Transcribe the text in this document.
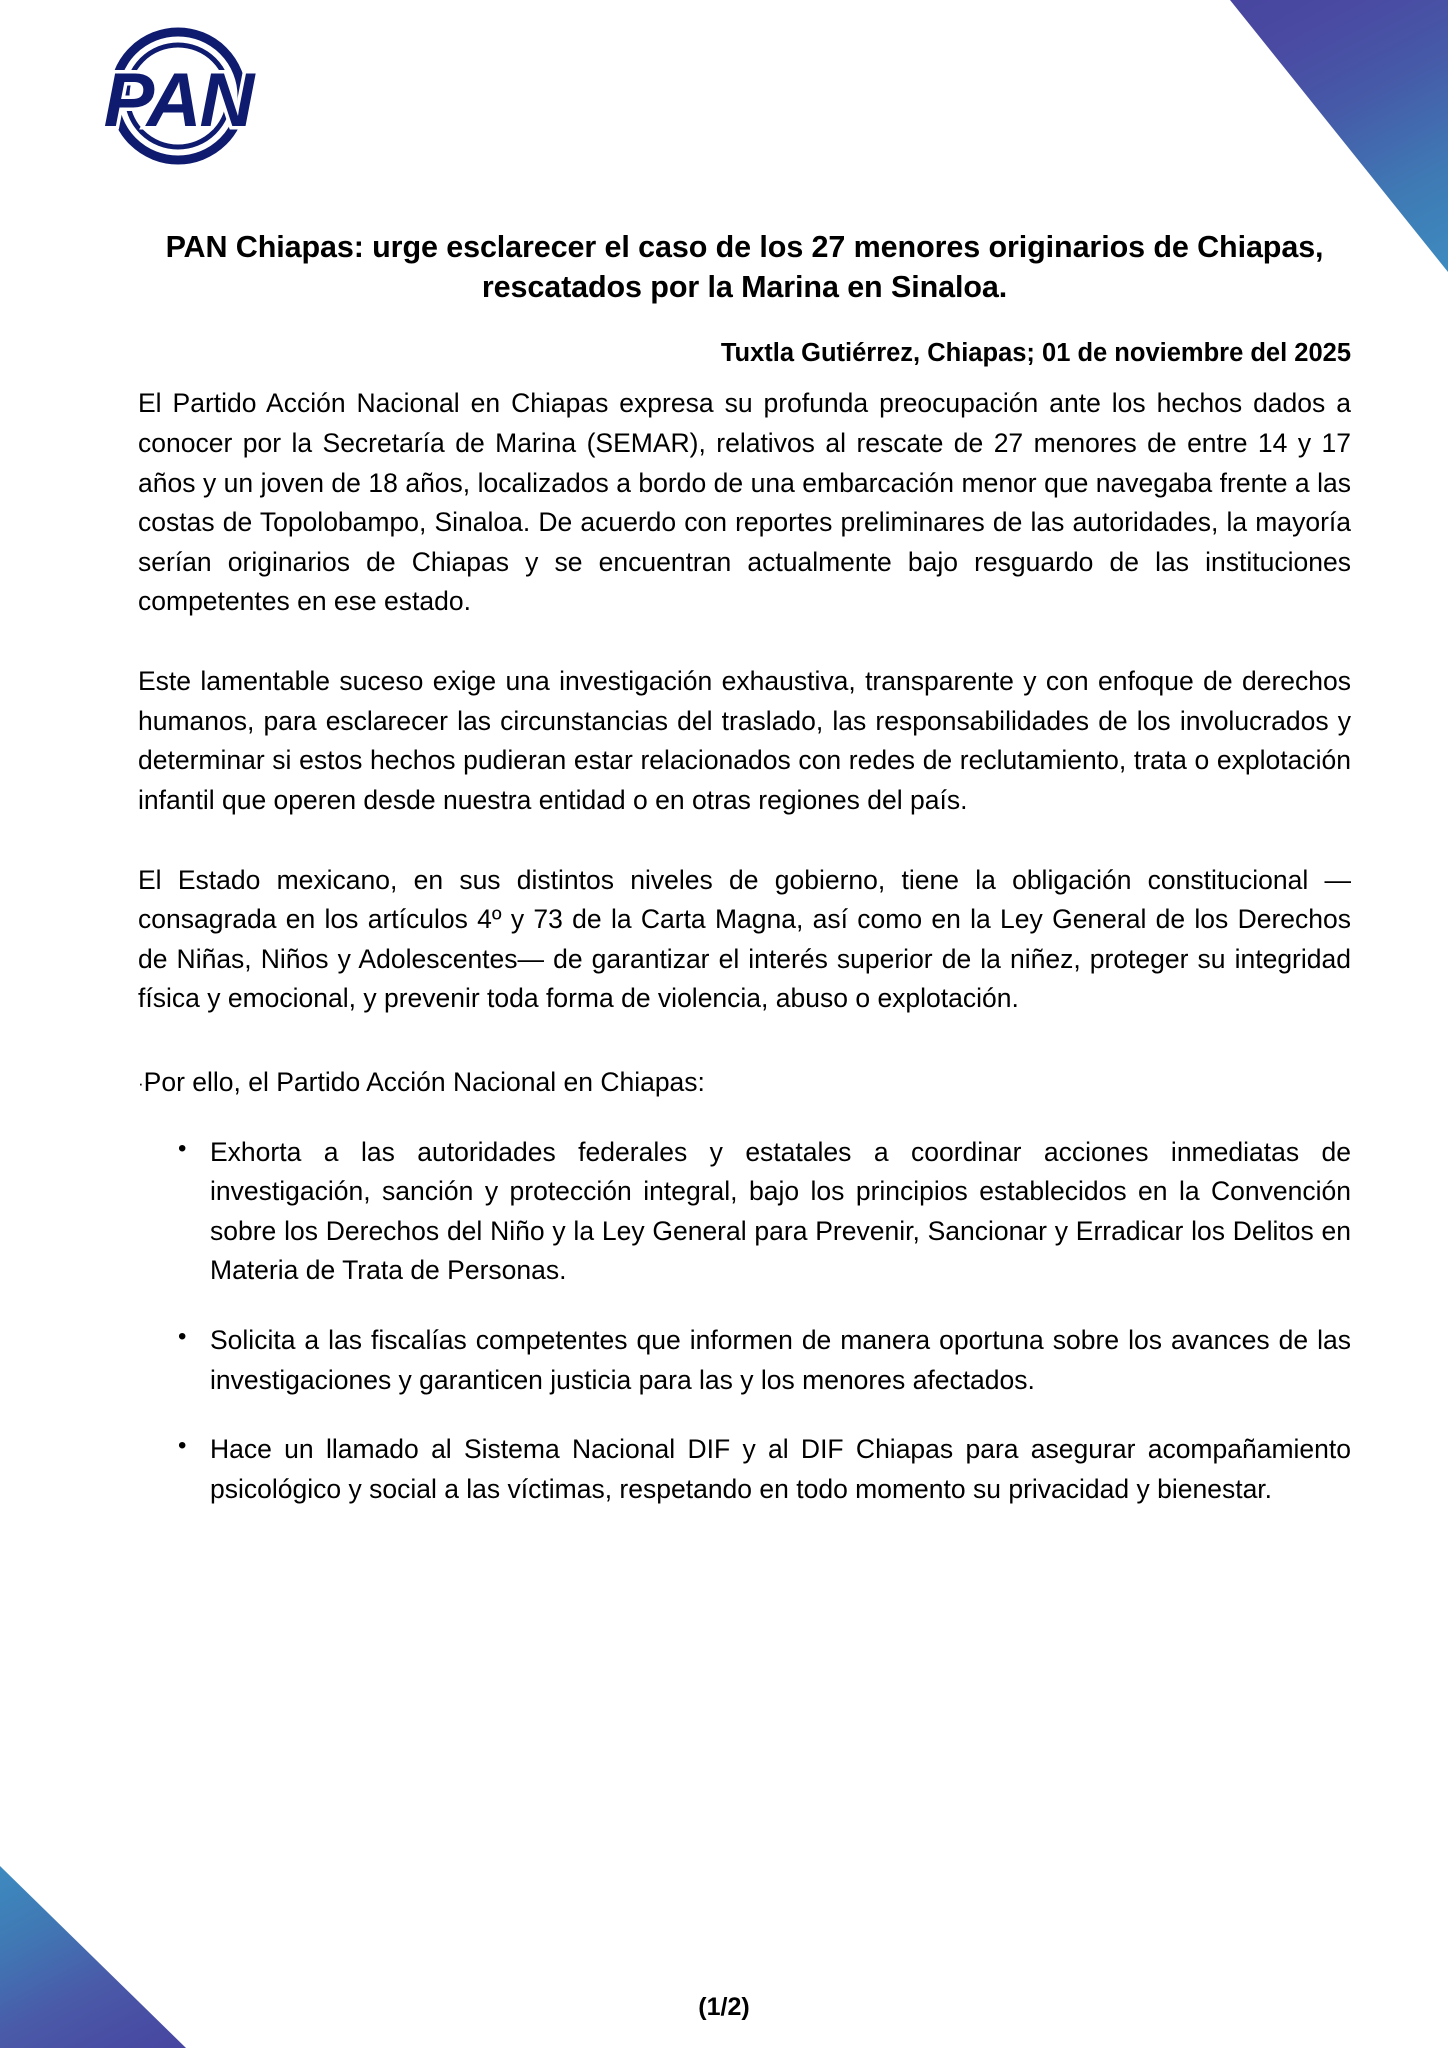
PAN
PAN Chiapas: urge esclarecer el caso de los 27 menores originarios de Chiapas, rescatados por la Marina en Sinaloa.
Tuxtla Gutiérrez, Chiapas; 01 de noviembre del 2025

El Partido Acción Nacional en Chiapas expresa su profunda preocupación ante los hechos dados a conocer por la Secretaría de Marina (SEMAR), relativos al rescate de 27 menores de entre 14 y 17 años y un joven de 18 años, localizados a bordo de una embarcación menor que navegaba frente a las costas de Topolobampo, Sinaloa. De acuerdo con reportes preliminares de las autoridades, la mayoría serían originarios de Chiapas y se encuentran actualmente bajo resguardo de las instituciones competentes en ese estado.

Este lamentable suceso exige una investigación exhaustiva, transparente y con enfoque de derechos humanos, para esclarecer las circunstancias del traslado, las responsabilidades de los involucrados y determinar si estos hechos pudieran estar relacionados con redes de reclutamiento, trata o explotación infantil que operen desde nuestra entidad o en otras regiones del país.

El Estado mexicano, en sus distintos niveles de gobierno, tiene la obligación constitucional —consagrada en los artículos 4º y 73 de la Carta Magna, así como en la Ley General de los Derechos de Niñas, Niños y Adolescentes— de garantizar el interés superior de la niñez, proteger su integridad física y emocional, y prevenir toda forma de violencia, abuso o explotación.

·Por ello, el Partido Acción Nacional en Chiapas:

• Exhorta a las autoridades federales y estatales a coordinar acciones inmediatas de investigación, sanción y protección integral, bajo los principios establecidos en la Convención sobre los Derechos del Niño y la Ley General para Prevenir, Sancionar y Erradicar los Delitos en Materia de Trata de Personas.
• Solicita a las fiscalías competentes que informen de manera oportuna sobre los avances de las investigaciones y garanticen justicia para las y los menores afectados.
• Hace un llamado al Sistema Nacional DIF y al DIF Chiapas para asegurar acompañamiento psicológico y social a las víctimas, respetando en todo momento su privacidad y bienestar.
(1/2)
